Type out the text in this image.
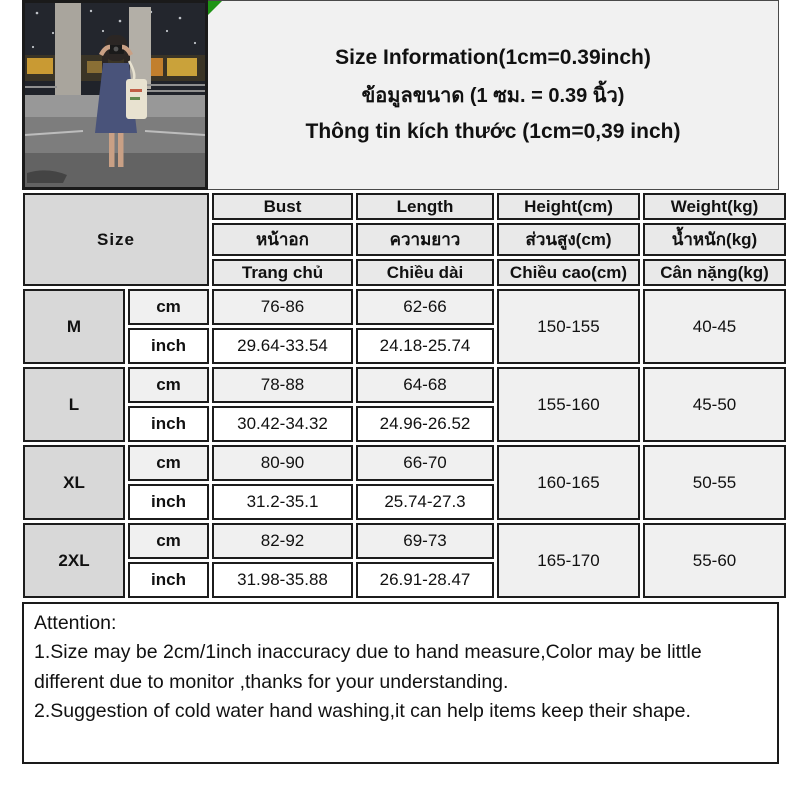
Size Information(1cm=0.39inch)
ข้อมูลขนาด (1 ซม. = 0.39 นิ้ว)
Thông tin kích thước (1cm=0,39 inch)
Size		Bust	Length	Height(cm)	Weight(kg)
		หน้าอก	ความยาว	ส่วนสูง(cm)	น้ำหนัก(kg)
		Trang chủ	Chiều dài	Chiều cao(cm)	Cân nặng(kg)
M	cm	76-86	62-66	150-155	40-45
	inch	29.64-33.54	24.18-25.74		
L	cm	78-88	64-68	155-160	45-50
	inch	30.42-34.32	24.96-26.52		
XL	cm	80-90	66-70	160-165	50-55
	inch	31.2-35.1	25.74-27.3		
2XL	cm	82-92	69-73	165-170	55-60
	inch	31.98-35.88	26.91-28.47		
Attention:
1.Size may be 2cm/1inch inaccuracy due to hand measure,Color may be little different due to monitor ,thanks for your understanding.
2.Suggestion of cold water hand washing,it can help items keep their shape.
